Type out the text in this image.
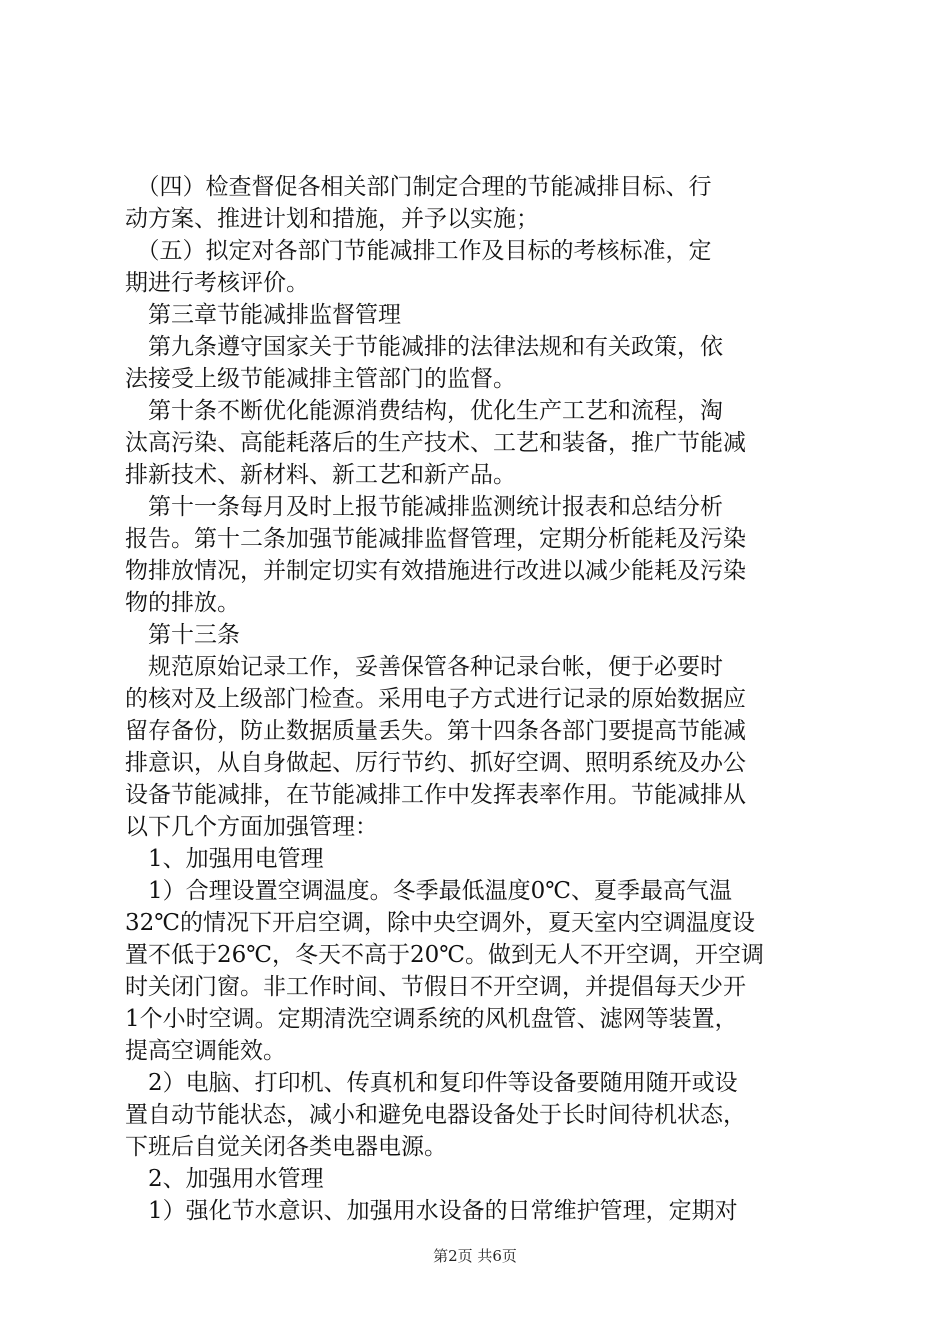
　（四）检查督促各相关部门制定合理的节能减排目标、行
动方案、推进计划和措施，并予以实施；
　（五）拟定对各部门节能减排工作及目标的考核标准，定
期进行考核评价。
　第三章节能减排监督管理
　第九条遵守国家关于节能减排的法律法规和有关政策，依
法接受上级节能减排主管部门的监督。
　第十条不断优化能源消费结构，优化生产工艺和流程，淘
汰高污染、高能耗落后的生产技术、工艺和装备，推广节能减
排新技术、新材料、新工艺和新产品。
　第十一条每月及时上报节能减排监测统计报表和总结分析
报告。第十二条加强节能减排监督管理，定期分析能耗及污染
物排放情况，并制定切实有效措施进行改进以减少能耗及污染
物的排放。
　第十三条
　规范原始记录工作，妥善保管各种记录台帐，便于必要时
的核对及上级部门检查。采用电子方式进行记录的原始数据应
留存备份，防止数据质量丢失。第十四条各部门要提高节能减
排意识，从自身做起、厉行节约、抓好空调、照明系统及办公
设备节能减排，在节能减排工作中发挥表率作用。节能减排从
以下几个方面加强管理：
　1、加强用电管理
　1）合理设置空调温度。冬季最低温度0℃、夏季最高气温
32℃的情况下开启空调，除中央空调外，夏天室内空调温度设
置不低于26℃，冬天不高于20℃。做到无人不开空调，开空调
时关闭门窗。非工作时间、节假日不开空调，并提倡每天少开
1个小时空调。定期清洗空调系统的风机盘管、滤网等装置，
提高空调能效。
　2）电脑、打印机、传真机和复印件等设备要随用随开或设
置自动节能状态，减小和避免电器设备处于长时间待机状态，
下班后自觉关闭各类电器电源。
　2、加强用水管理
　1）强化节水意识、加强用水设备的日常维护管理，定期对
第2页 共6页
